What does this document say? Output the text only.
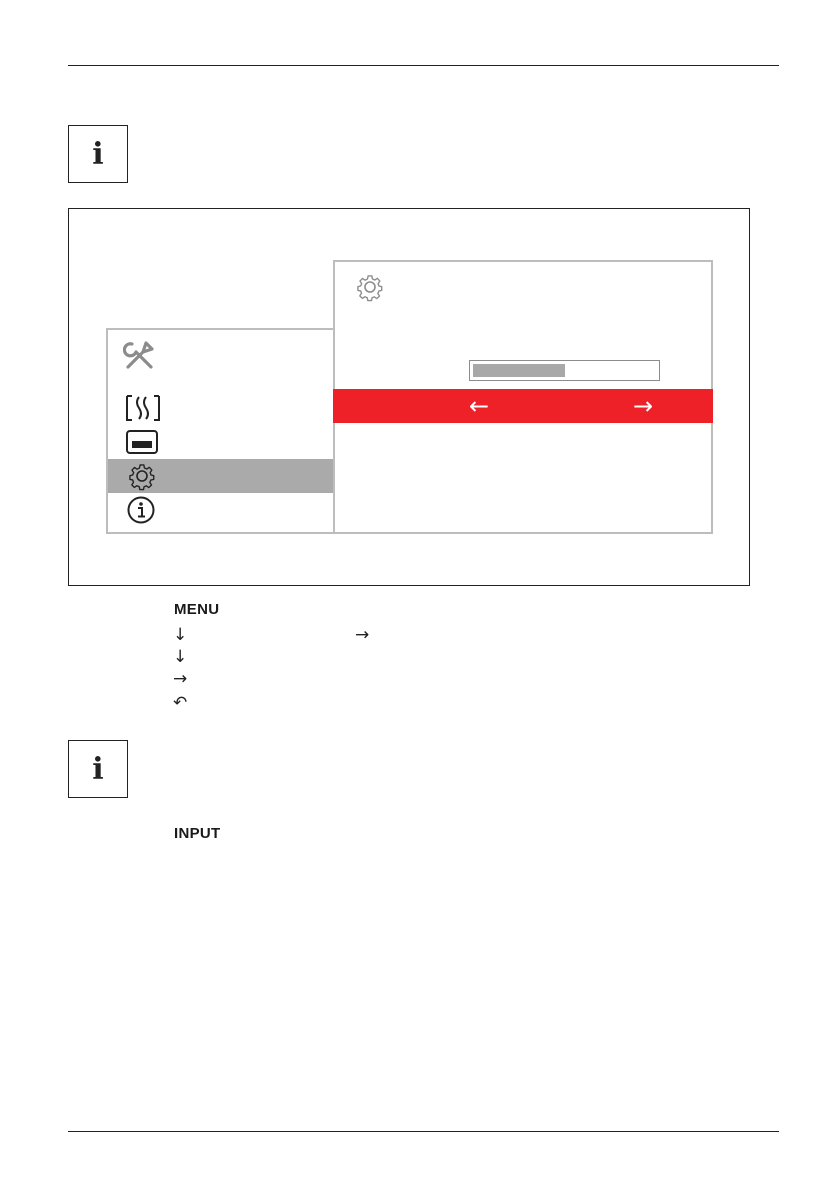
i
←	→
MENU
↓	→
↓
→
↶
i
INPUT
